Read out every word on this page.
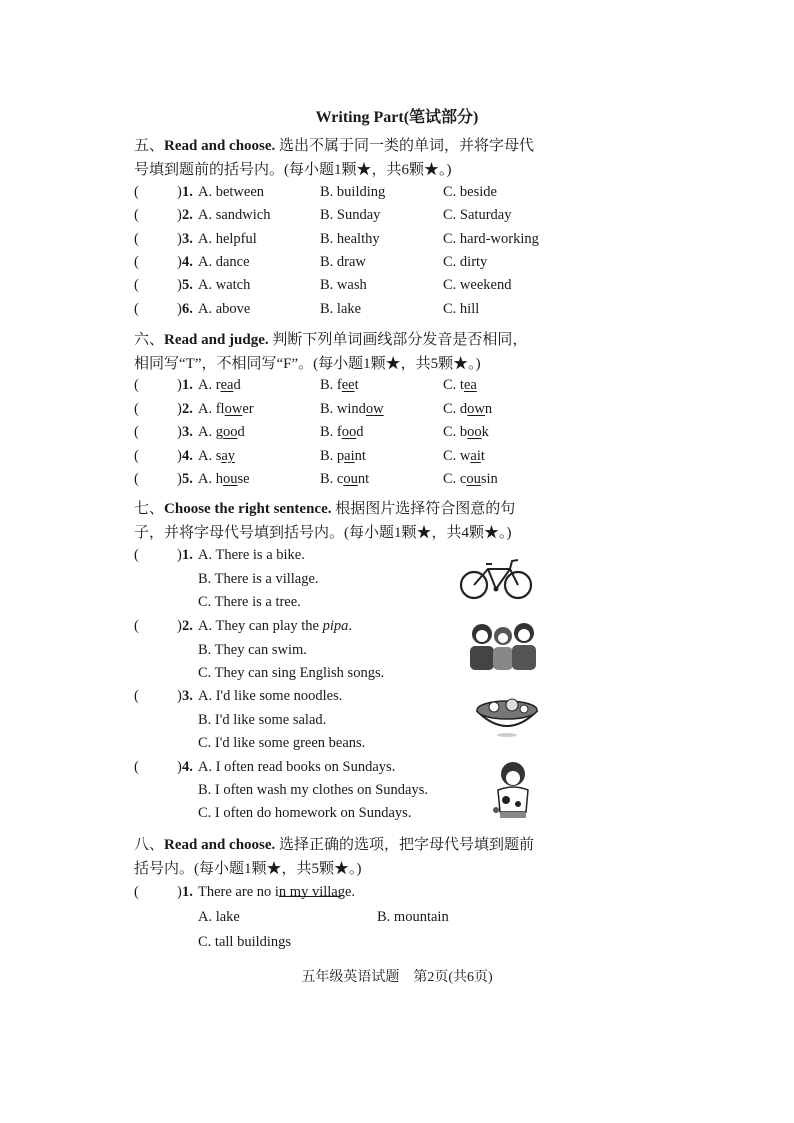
Writing Part(笔试部分)
五、Read and choose. 选出不属于同一类的单词，并将字母代
号填到题前的括号内。(每小题1颗★，共6颗★。)
(	) 1. A. between	B. building	C. beside
(	) 2. A. sandwich	B. Sunday	C. Saturday
(	) 3. A. helpful	B. healthy	C. hard-working
(	) 4. A. dance	B. draw	C. dirty
(	) 5. A. watch	B. wash	C. weekend
(	) 6. A. above	B. lake	C. hill
六、Read and judge. 判断下列单词画线部分发音是否相同，
相同写“T”，不相同写“F”。(每小题1颗★，共5颗★。)
(	) 1. A. read	B. feet	C. tea
(	) 2. A. flower	B. window	C. down
(	) 3. A. good	B. food	C. book
(	) 4. A. say	B. paint	C. wait
(	) 5. A. house	B. count	C. cousin
七、Choose the right sentence. 根据图片选择符合图意的句
子，并将字母代号填到括号内。(每小题1颗★，共4颗★。)
(	) 1. A. There is a bike.
B. There is a village.
C. There is a tree.
(	) 2. A. They can play the pipa.
B. They can swim.
C. They can sing English songs.
(	) 3. A. I'd like some noodles.
B. I'd like some salad.
C. I'd like some green beans.
(	) 4. A. I often read books on Sundays.
B. I often wash my clothes on Sundays.
C. I often do homework on Sundays.
八、Read and choose. 选择正确的选项，把字母代号填到题前
括号内。(每小题1颗★，共5颗★。)
(	) 1. There are no
in my village.
A. lake	B. mountain
C. tall buildings
五年级英语试题　第2页(共6页)
